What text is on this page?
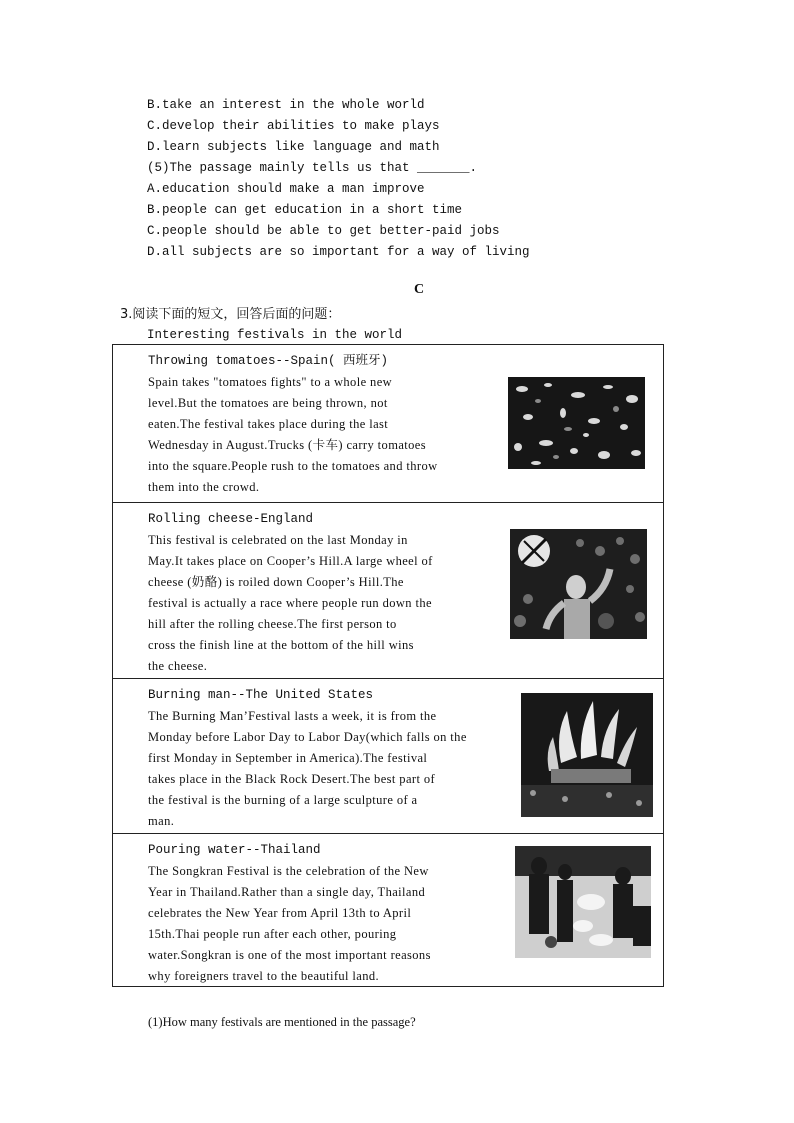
B.take an interest in the whole world
C.develop their abilities to make plays
D.learn subjects like language and math
(5)The passage mainly tells us that _______.
A.education should make a man improve
B.people can get education in a short time
C.people should be able to get better-paid jobs
D.all subjects are so important for a way of living
C
3.阅读下面的短文，回答后面的问题：
Interesting festivals in the world
Throwing tomatoes--Spain( 西班牙)
Spain takes "tomatoes fights" to a whole new
level.But the tomatoes are being thrown, not
eaten.The festival takes place during the last
Wednesday in August.Trucks (卡车) carry tomatoes
into the square.People rush to the tomatoes and throw
them into the crowd.
Rolling cheese-England
This festival is celebrated on the last Monday in
May.It takes place on Cooper’s Hill.A large wheel of
cheese (奶酪) is roiled down Cooper’s Hill.The
festival is actually a race where people run down the
hill after the rolling cheese.The first person to
cross the finish line at the bottom of the hill wins
the cheese.
Burning man--The United States
The Burning Man’Festival lasts a week, it is from the
Monday before Labor Day to Labor Day(which falls on the
first Monday in September in America).The festival
takes place in the Black Rock Desert.The best part of
the festival is the burning of a large sculpture of a
man.
Pouring water--Thailand
The Songkran Festival is the celebration of the New
Year in Thailand.Rather than a single day, Thailand
celebrates the New Year from April 13th to April
15th.Thai people run after each other, pouring
water.Songkran is one of the most important reasons
why foreigners travel to the beautiful land.
(1)How many festivals are mentioned in the passage?
